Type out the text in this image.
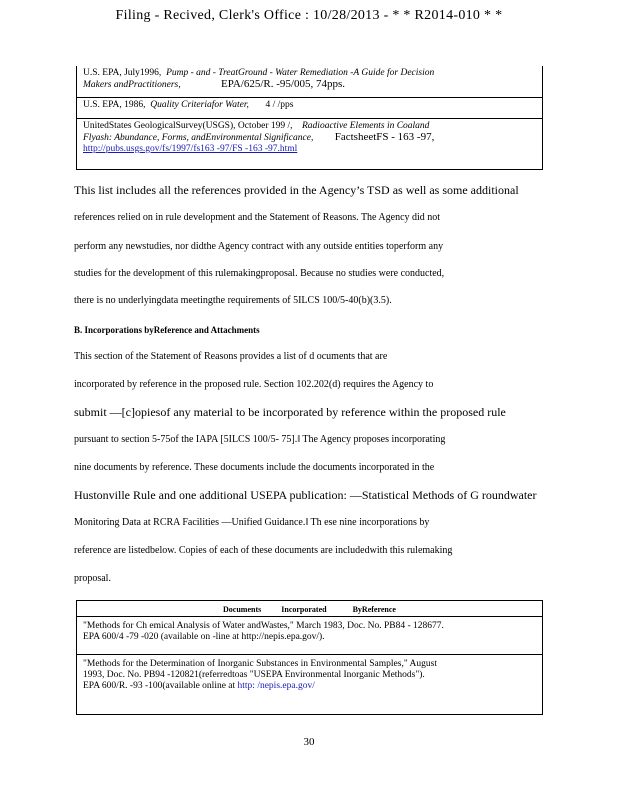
Filing - Recived, Clerk's Office : 10/28/2013 - * * R2014-010 * *
U.S. EPA, July1996, Pump - and - TreatGround - Water Remediation -A Guide for Decision
Makers andPractitioners,	EPA/625/R. -95/005, 74pps.
U.S. EPA, 1986, Quality Criteriafor Water, 4 / /pps
UnitedStates GeologicalSurvey(USGS), October 199 /, Radioactive Elements in Coaland
Flyash: Abundance, Forms, andEnvironmental Significance, FactsheetFS - 163 -97,
http://pubs.usgs.gov/fs/1997/fs163 -97/FS -163 -97.html
This list includes all the references provided in the Agency’s TSD as well as some additional
references relied on in rule development and the Statement of Reasons. The Agency did not
perform any newstudies, nor didthe Agency contract with any outside entities toperform any
studies for the development of this rulemakingproposal. Because no studies were conducted,
there is no underlyingdata meetingthe requirements of 5ILCS 100/5-40(b)(3.5).
B. Incorporations byReference and Attachments
This section of the Statement of Reasons provides a list of d ocuments that are
incorporated by reference in the proposed rule. Section 102.202(d) requires the Agency to
submit ―[c]opiesof any material to be incorporated by reference within the proposed rule
pursuant to section 5-75of the IAPA [5ILCS 100/5- 75].‖ The Agency proposes incorporating
nine documents by reference. These documents include the documents incorporated in the
Hustonville Rule and one additional USEPA publication: ―Statistical Methods of G roundwater
Monitoring Data at RCRA Facilities ―Unified Guidance.‖ Th ese nine incorporations by
reference are listedbelow. Copies of each of these documents are includedwith this rulemaking
proposal.
Documents          Incorporated             ByReference
"Methods for Ch emical Analysis of Water andWastes," March 1983, Doc. No. PB84 - 128677.
EPA 600/4 -79 -020 (available on -line at http://nepis.epa.gov/).
"Methods for the Determination of Inorganic Substances in Environmental Samples," August
1993, Doc. No. PB94 -120821(referredtoas "USEPA Environmental Inorganic Methods").
EPA 600/R. -93 -100(available online at http: /nepis.epa.gov/
30
